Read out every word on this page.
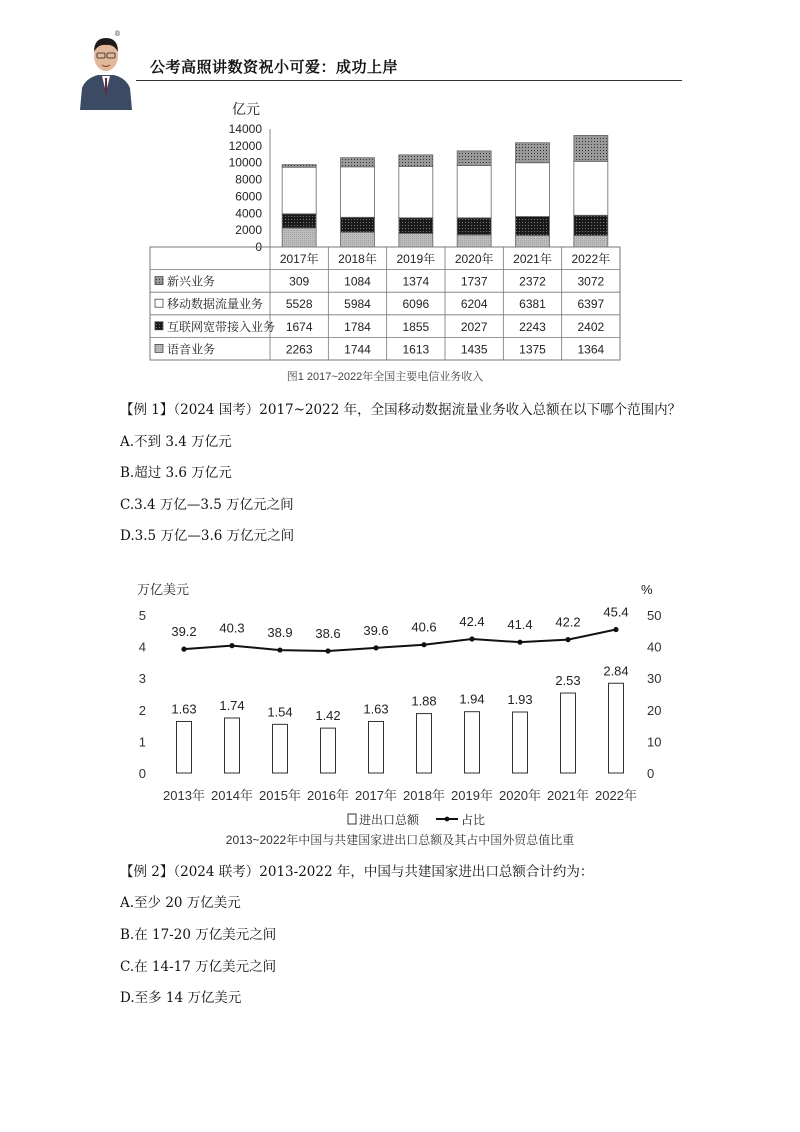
®
公考高照讲数资祝小可爱：成功上岸
亿元
0
2000
4000
6000
8000
10000
12000
14000
2017年 2018年 2019年 2020年 2021年 2022年
新兴业务	309	1084	1374	1737	2372	3072
移动数据流量业务 5528	5984	6096	6204	6381	6397
互联网宽带接入业务 1674	1784	1855	2027	2243	2402
语音业务	2263	1744	1613	1435	1375	1364
图1 2017~2022年全国主要电信业务收入
【例 1】（2024 国考）2017~2022 年，全国移动数据流量业务收入总额在以下哪个范围内？
A.不到 3.4 万亿元
B.超过 3.6 万亿元
C.3.4 万亿—3.5 万亿元之间
D.3.5 万亿—3.6 万亿元之间
万亿美元	%
0
1
2
3
4
5
0
10
20
30
40
50
1.63 1.74 1.54 1.42 1.63
1.88 1.94 1.93
2.53
2.84
39.2 40.3 38.9 38.6 39.6 40.6 42.4 41.4 42.2
45.4
2013年 2014年 2015年 2016年 2017年 2018年 2019年 2020年 2021年 2022年
进出口总额	占比
2013~2022年中国与共建国家进出口总额及其占中国外贸总值比重
【例 2】（2024 联考）2013-2022 年，中国与共建国家进出口总额合计约为：
A.至少 20 万亿美元
B.在 17-20 万亿美元之间
C.在 14-17 万亿美元之间
D.至多 14 万亿美元
